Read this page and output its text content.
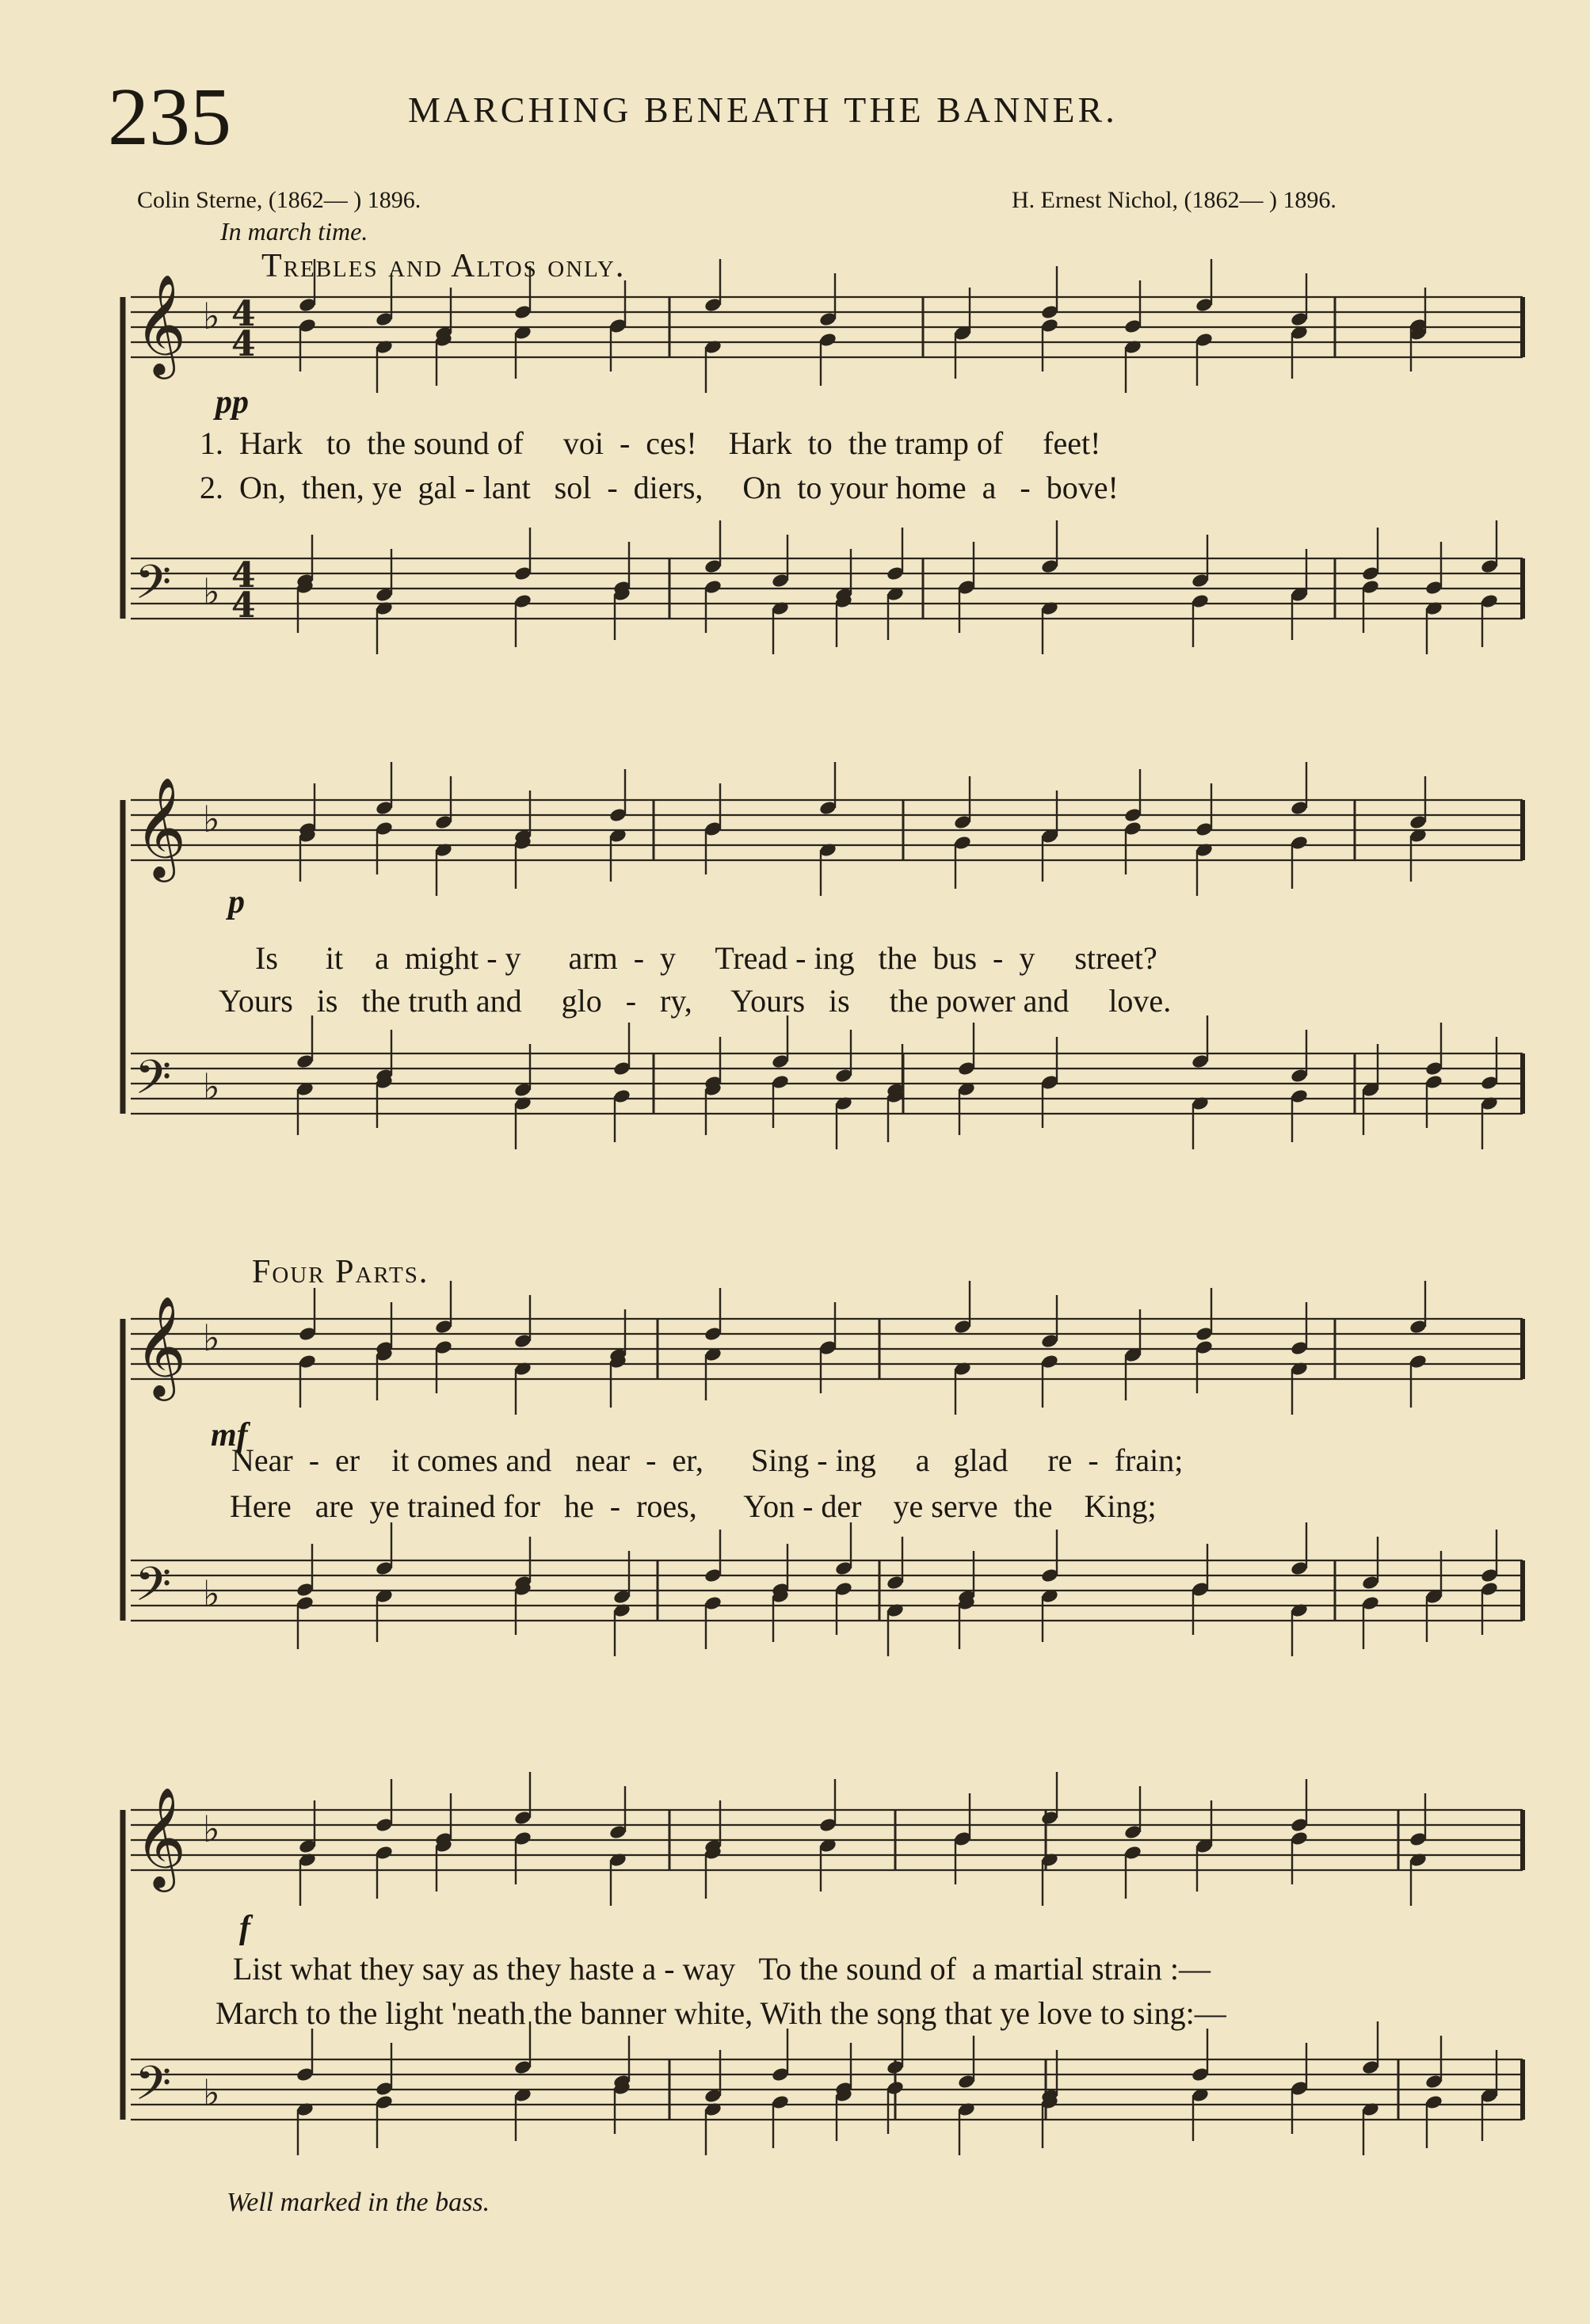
235	MARCHING BENEATH THE BANNER.
Colin Sterne, (1862— ) 1896.	H. Ernest Nichol, (1862— ) 1896.
In march time.
Trebles and Altos only.
Four Parts.
pp
p
mf
f
1.  Hark   to  the sound of     voi  -  ces!    Hark  to  the tramp of     feet!
2.  On,  then, ye  gal - lant   sol  -  diers,     On  to your home  a   -  bove!
Is      it    a  might - y      arm  -  y     Tread - ing   the  bus  -  y     street?
Yours   is   the truth and     glo   -   ry,     Yours   is     the power and     love.
Near  -  er    it comes and   near  -  er,      Sing - ing     a   glad     re  -  frain;
Here   are  ye trained for   he  -  roes,      Yon - der    ye serve  the    King;
List what they say as they haste a - way   To the sound of  a martial strain :—
March to the light 'neath the banner white, With the song that ye love to sing:—
Well marked in the bass.
𝄞 ♭ 4
4
𝄢 ♭ 4
4
𝄞 ♭
𝄢 ♭
𝄞 ♭
𝄢 ♭
𝄞 ♭
𝄢 ♭
